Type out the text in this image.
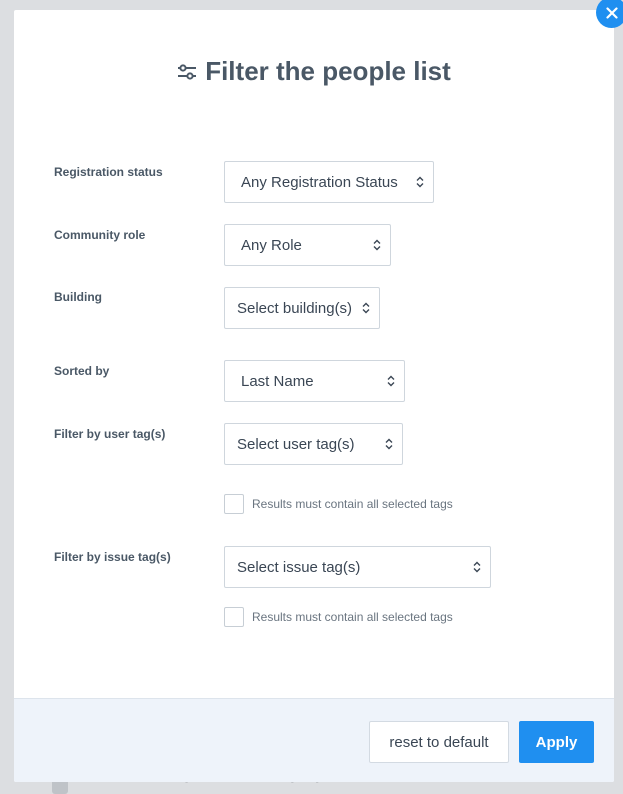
Filter the people list
Registration status
Any Registration Status
Community role
Any Role
Building
Select building(s)
Sorted by
Last Name
Filter by user tag(s)
Select user tag(s)
Results must contain all selected tags
Filter by issue tag(s)
Select issue tag(s)
Results must contain all selected tags
reset to default	Apply
